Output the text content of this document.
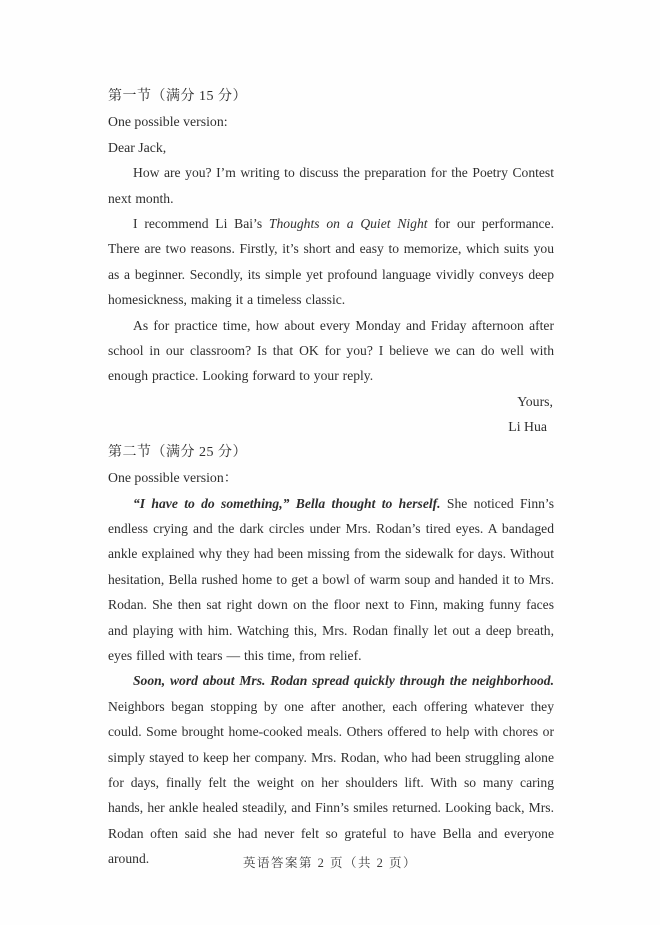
第一节（满分 15 分）
One possible version:
Dear Jack,

How are you? I’m writing to discuss the preparation for the Poetry Contest next month.

I recommend Li Bai’s Thoughts on a Quiet Night for our performance. There are two reasons. Firstly, it’s short and easy to memorize, which suits you as a beginner. Secondly, its simple yet profound language vividly conveys deep homesickness, making it a timeless classic.

As for practice time, how about every Monday and Friday afternoon after school in our classroom? Is that OK for you? I believe we can do well with enough practice. Looking forward to your reply.

Yours,
Li Hua
第二节（满分 25 分）
One possible version：

“I have to do something,” Bella thought to herself. She noticed Finn’s endless crying and the dark circles under Mrs. Rodan’s tired eyes. A bandaged ankle explained why they had been missing from the sidewalk for days. Without hesitation, Bella rushed home to get a bowl of warm soup and handed it to Mrs. Rodan. She then sat right down on the floor next to Finn, making funny faces and playing with him. Watching this, Mrs. Rodan finally let out a deep breath, eyes filled with tears — this time, from relief.

Soon, word about Mrs. Rodan spread quickly through the neighborhood. Neighbors began stopping by one after another, each offering whatever they could. Some brought home-cooked meals. Others offered to help with chores or simply stayed to keep her company. Mrs. Rodan, who had been struggling alone for days, finally felt the weight on her shoulders lift. With so many caring hands, her ankle healed steadily, and Finn’s smiles returned. Looking back, Mrs. Rodan often said she had never felt so grateful to have Bella and everyone around.	英语答案第 2 页（共 2 页）
